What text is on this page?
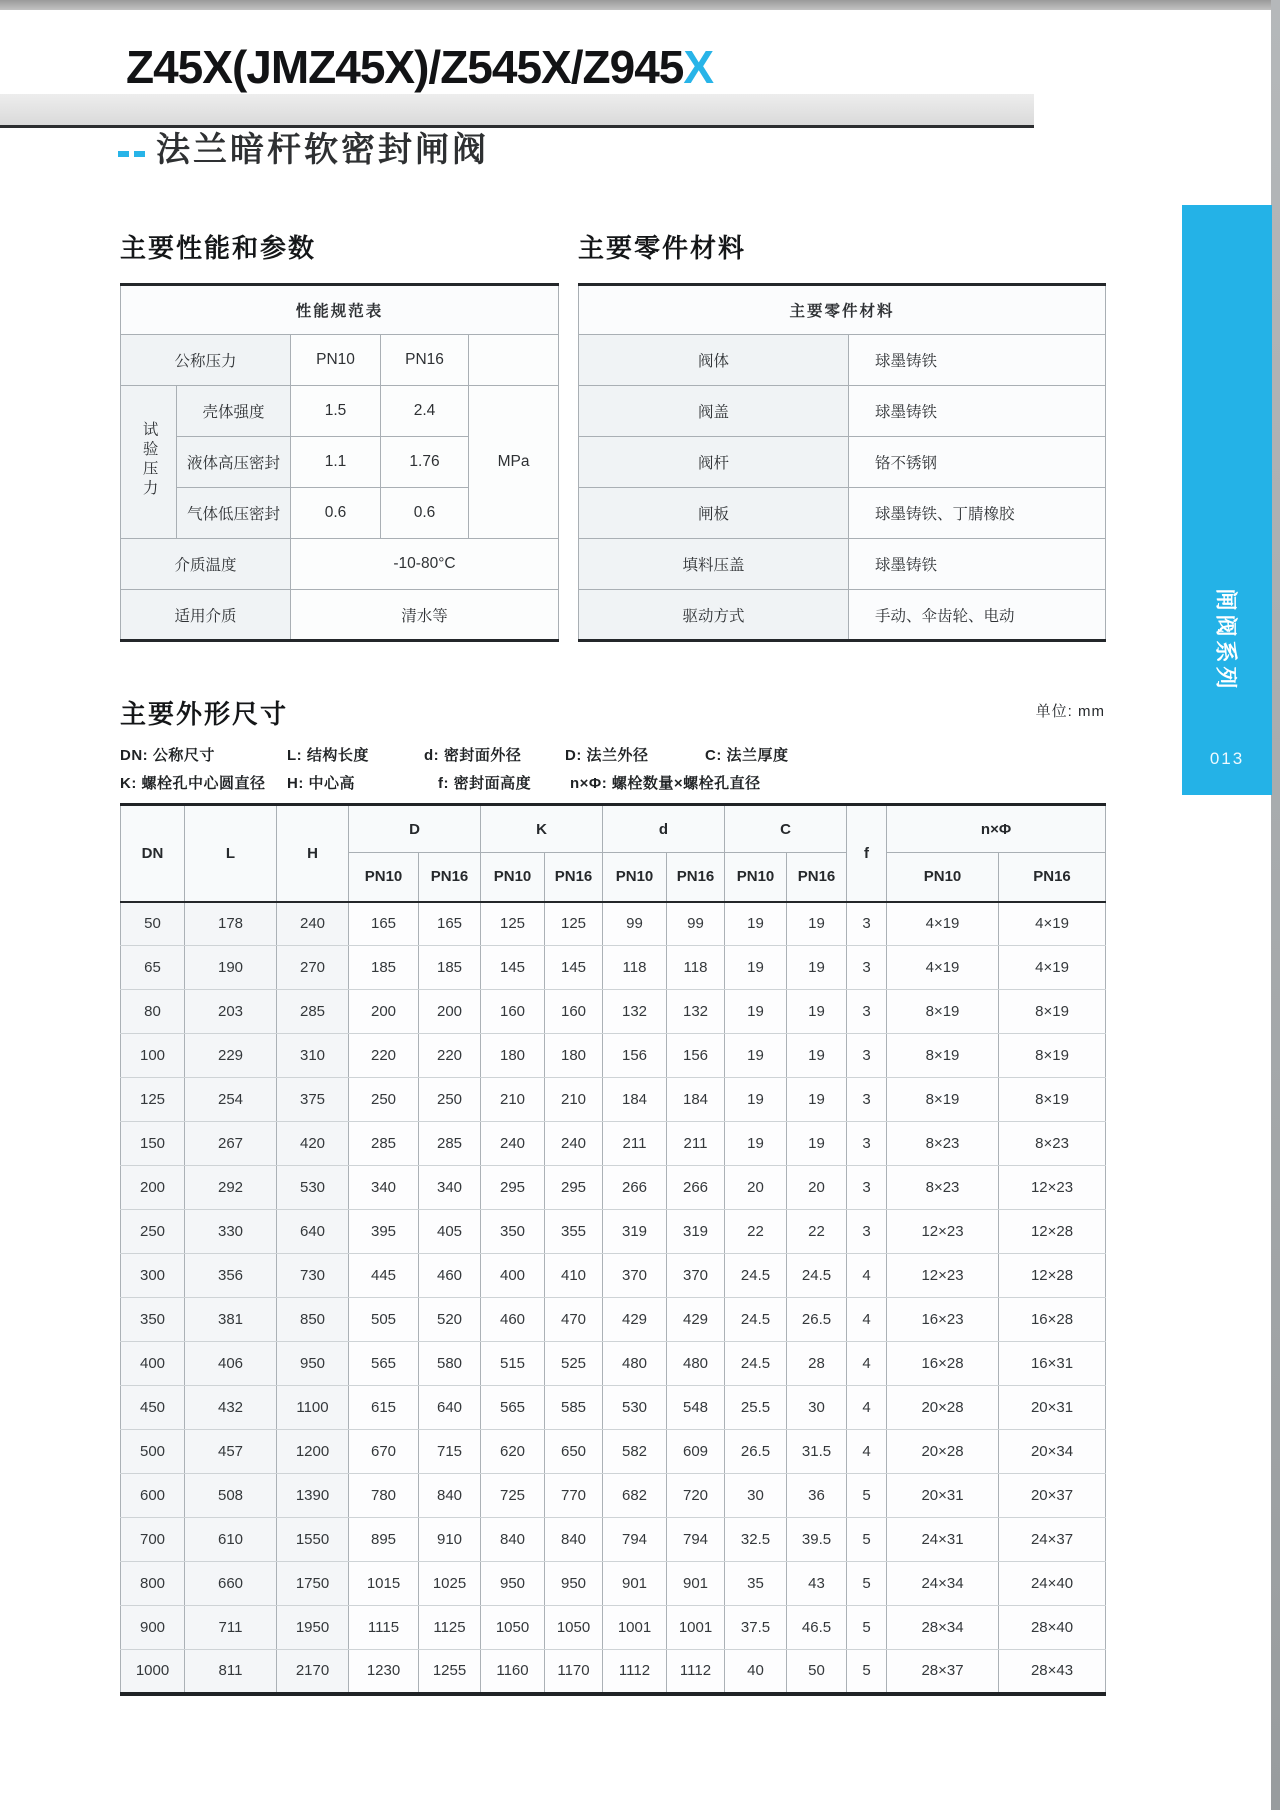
Z45X(JMZ45X)/Z545X/Z945X
法兰暗杆软密封闸阀
主要性能和参数	主要零件材料
性能规范表				
公称压力		PN10	PN16	
试验压力	壳体强度	1.5	2.4	MPa
	液体高压密封	1.1	1.76	
	气体低压密封	0.6	0.6	
介质温度		-10-80°C		
适用介质		清水等		
主要零件材料	
阀体	球墨铸铁
阀盖	球墨铸铁
阀杆	铬不锈钢
闸板	球墨铸铁、丁腈橡胶
填料压盖	球墨铸铁
驱动方式	手动、伞齿轮、电动
主要外形尺寸	单位: mm
DN: 公称尺寸	L: 结构长度	d: 密封面外径	D: 法兰外径	C: 法兰厚度
K: 螺栓孔中心圆直径 H: 中心高	f: 密封面高度	n×Φ: 螺栓数量×螺栓孔直径
DN	L	H	D		K		d		C		f	n×Φ	
			PN10	PN16	PN10	PN16	PN10	PN16	PN10	PN16		PN10	PN16
50	178	240	165	165	125	125	99	99	19	19	3	4×19	4×19
65	190	270	185	185	145	145	118	118	19	19	3	4×19	4×19
80	203	285	200	200	160	160	132	132	19	19	3	8×19	8×19
100	229	310	220	220	180	180	156	156	19	19	3	8×19	8×19
125	254	375	250	250	210	210	184	184	19	19	3	8×19	8×19
150	267	420	285	285	240	240	211	211	19	19	3	8×23	8×23
200	292	530	340	340	295	295	266	266	20	20	3	8×23	12×23
250	330	640	395	405	350	355	319	319	22	22	3	12×23	12×28
300	356	730	445	460	400	410	370	370	24.5	24.5	4	12×23	12×28
350	381	850	505	520	460	470	429	429	24.5	26.5	4	16×23	16×28
400	406	950	565	580	515	525	480	480	24.5	28	4	16×28	16×31
450	432	1100	615	640	565	585	530	548	25.5	30	4	20×28	20×31
500	457	1200	670	715	620	650	582	609	26.5	31.5	4	20×28	20×34
600	508	1390	780	840	725	770	682	720	30	36	5	20×31	20×37
700	610	1550	895	910	840	840	794	794	32.5	39.5	5	24×31	24×37
800	660	1750	1015	1025	950	950	901	901	35	43	5	24×34	24×40
900	711	1950	1115	1125	1050	1050	1001	1001	37.5	46.5	5	28×34	28×40
1000	811	2170	1230	1255	1160	1170	1112	1112	40	50	5	28×37	28×43
闸阀系列
013
